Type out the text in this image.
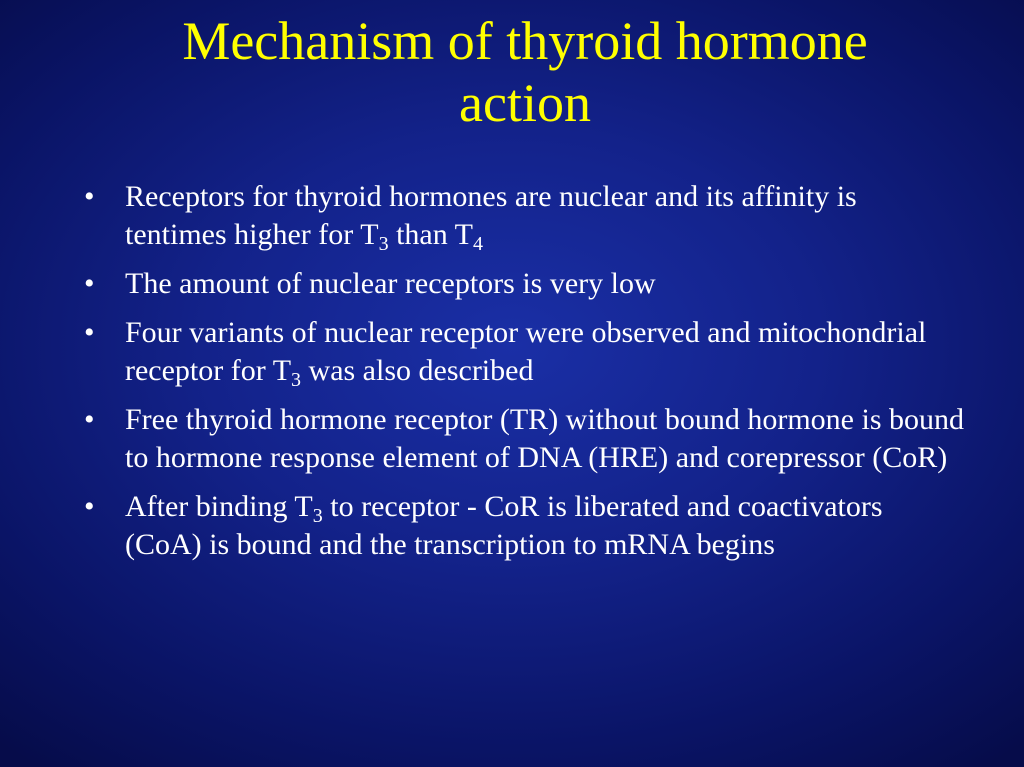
Mechanism of thyroid hormone
action
• Receptors for thyroid hormones are nuclear and its affinity is tentimes higher for $T_3$ than $T_4$
• The amount of nuclear receptors is very low
• Four variants of nuclear receptor were observed and mitochondrial receptor for $T_3$ was also described
• Free thyroid hormone receptor (TR) without bound hormone is bound to hormone response element of DNA (HRE) and corepressor (CoR)
• After binding $T_3$ to receptor - CoR is liberated and coactivators (CoA) is bound and the transcription to mRNA begins
